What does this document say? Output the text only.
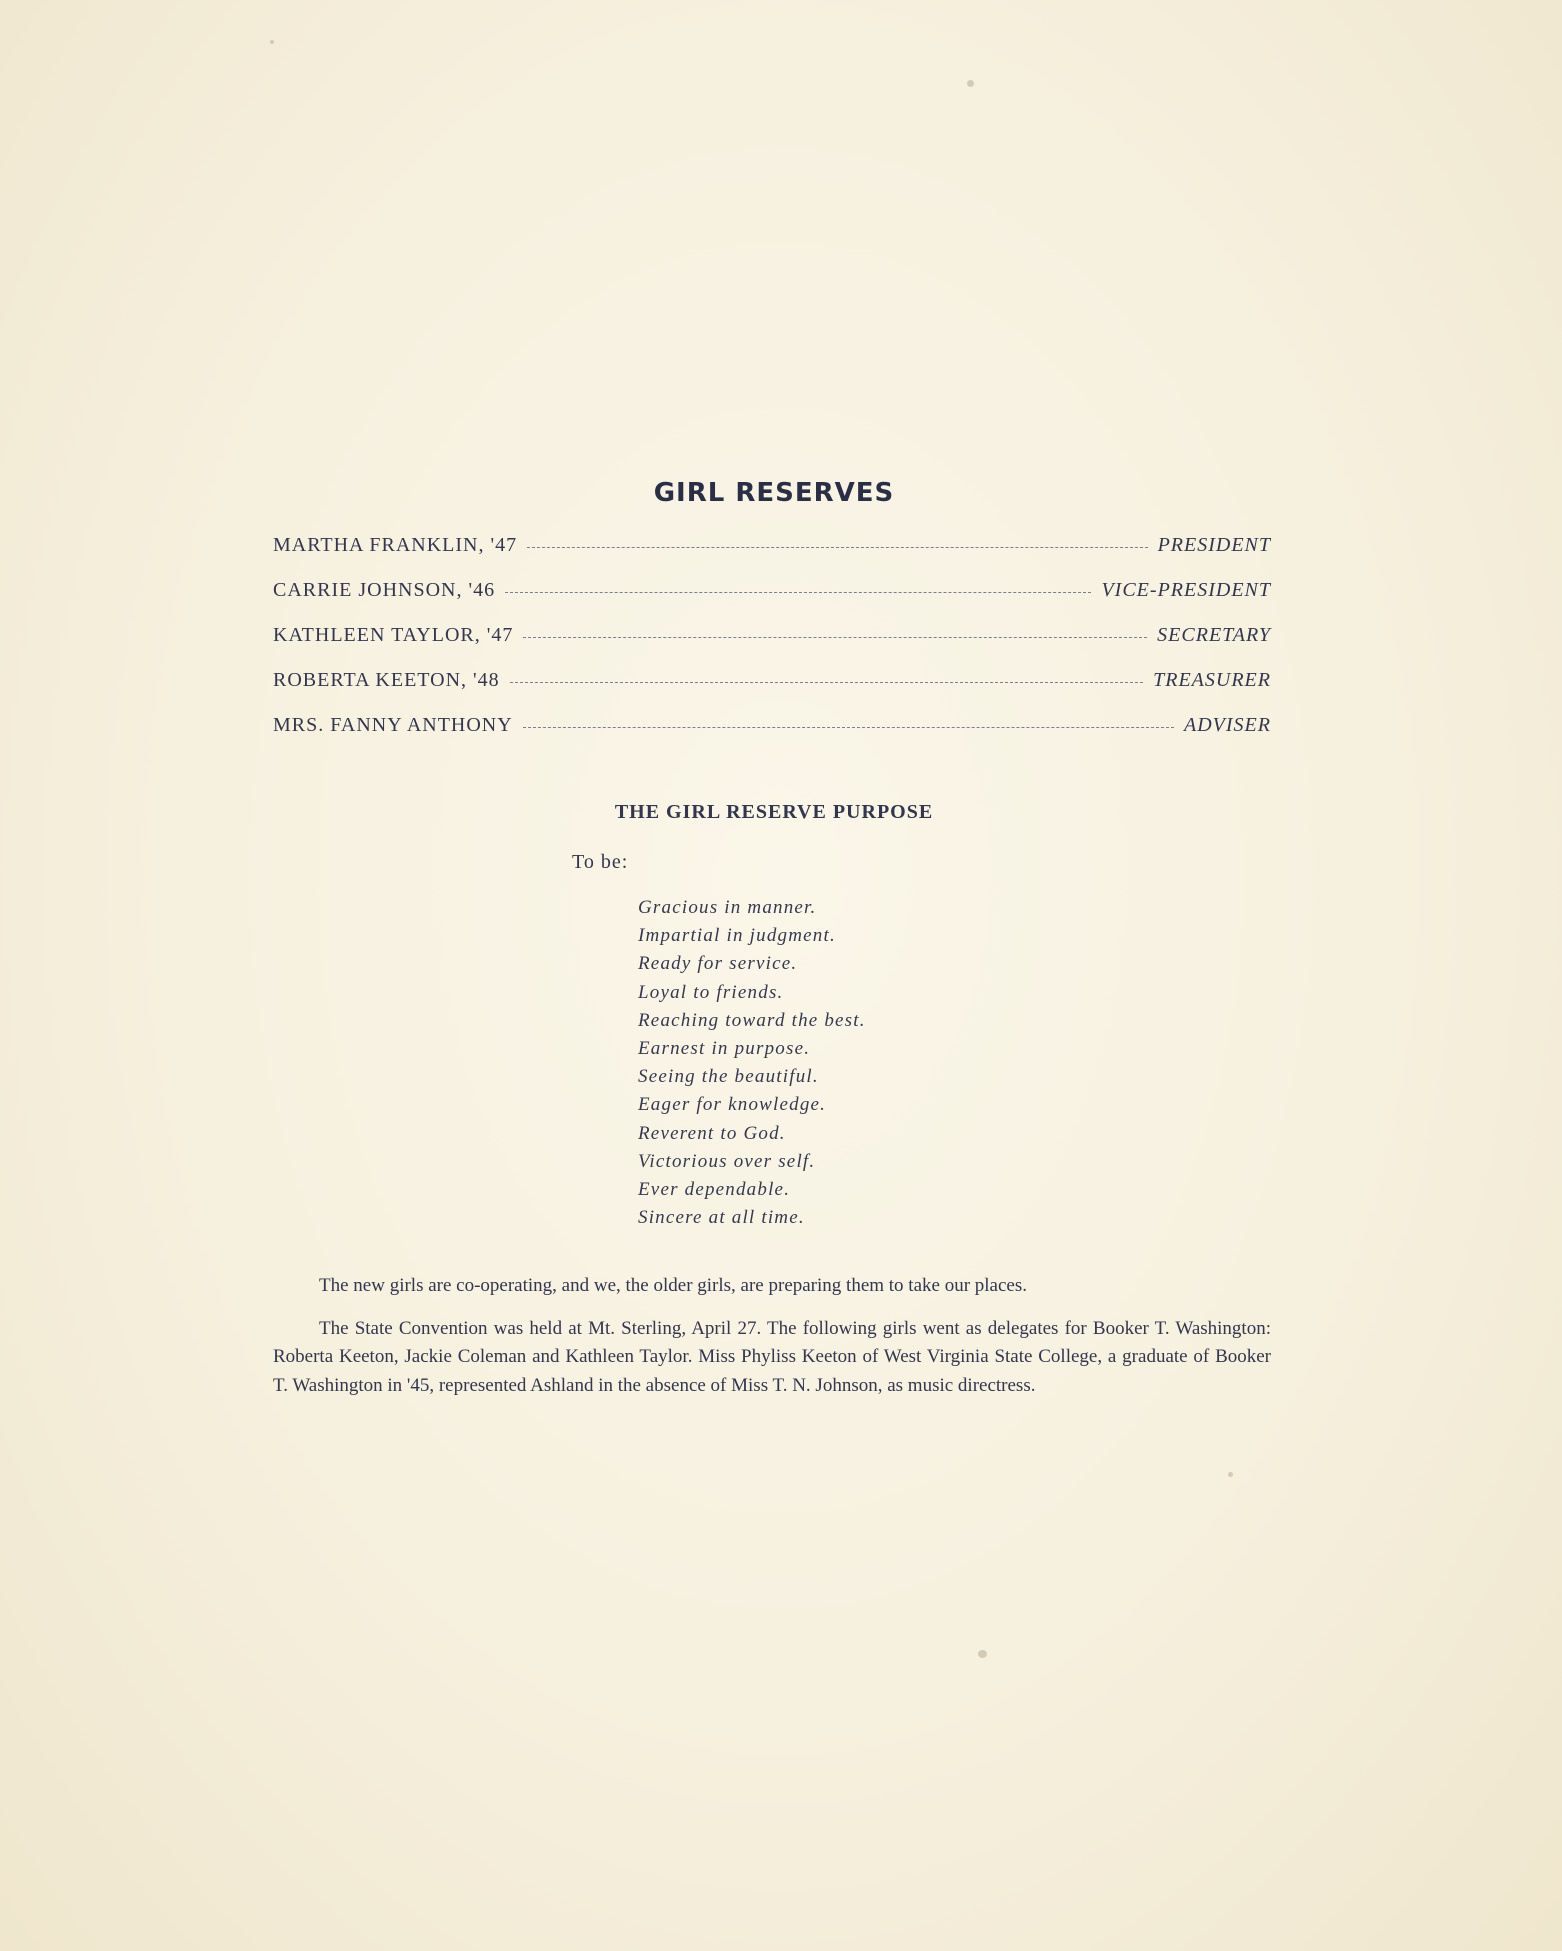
GIRL RESERVES
MARTHA FRANKLIN, '47	PRESIDENT
CARRIE JOHNSON, '46	VICE-PRESIDENT
KATHLEEN TAYLOR, '47	SECRETARY
ROBERTA KEETON, '48	TREASURER
MRS. FANNY ANTHONY	ADVISER
THE GIRL RESERVE PURPOSE
To be:
Gracious in manner.
Impartial in judgment.
Ready for service.
Loyal to friends.
Reaching toward the best.
Earnest in purpose.
Seeing the beautiful.
Eager for knowledge.
Reverent to God.
Victorious over self.
Ever dependable.
Sincere at all time.

The new girls are co-operating, and we, the older girls, are preparing them to take our places.

The State Convention was held at Mt. Sterling, April 27. The following girls went as delegates for Booker T. Washington: Roberta Keeton, Jackie Coleman and Kathleen Taylor. Miss Phyliss Keeton of West Virginia State College, a graduate of Booker T. Washington in '45, represented Ashland in the absence of Miss T. N. Johnson, as music directress.
